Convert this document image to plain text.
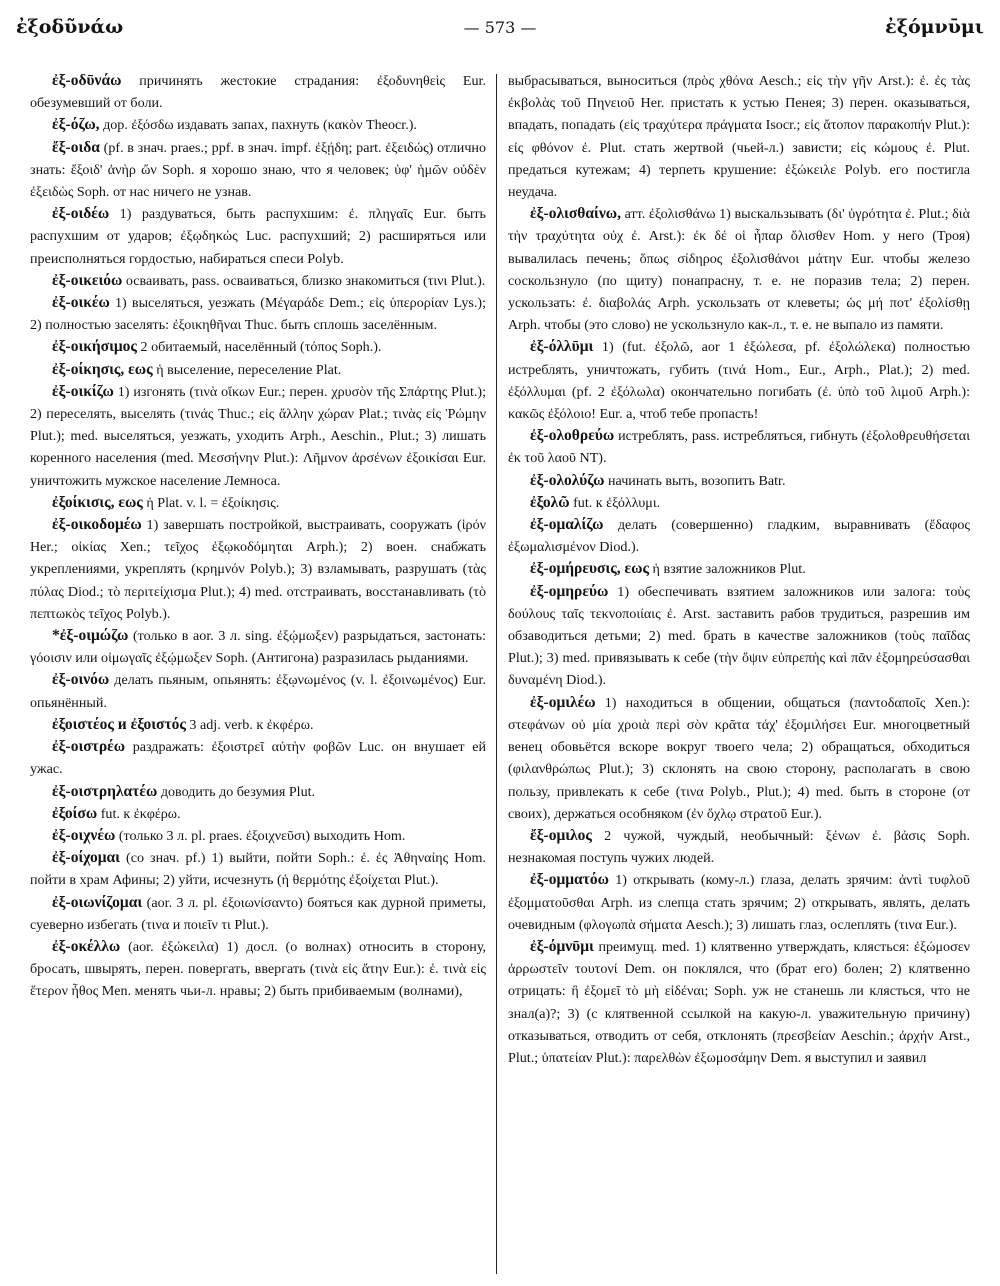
ἐξοδῦνάω	— 573 —	ἐξόμνῡμι

ἐξ-οδῡνάω причинять жестокие страдания: ἐξοδυνηθεὶς Eur. обезумевший от боли.

ἐξ-όζω, дор. ἐξόσδω издавать запах, пахнуть (κακὸν Theocr.).

ἔξ-οιδα (pf. в знач. praes.; ppf. в знач. impf. ἐξῄδη; part. ἐξειδώς) отлично знать: ἔξοιδ' ἀνὴρ ὤν Soph. я хорошо знаю, что я человек; ὑφ' ἡμῶν οὐδὲν ἐξειδὼς Soph. от нас ничего не узнав.

ἐξ-οιδέω 1) раздуваться, быть распухшим: ἐ. πληγαῖς Eur. быть распухшим от ударов; ἐξῳδηκώς Luc. распухший; 2) расширяться или преисполняться гордостью, набираться спеси Polyb.

ἐξ-οικειόω осваивать, pass. осваиваться, близко знакомиться (τινι Plut.).

ἐξ-οικέω 1) выселяться, уезжать (Μέγαράδε Dem.; εἰς ὑπερορίαν Lys.); 2) полностью заселять: ἐξοικηθῆναι Thuc. быть сплошь заселённым.

ἐξ-οικήσιμος 2 обитаемый, населённый (τόπος Soph.).

ἐξ-οίκησις, εως ἡ выселение, переселение Plat.

ἐξ-οικίζω 1) изгонять (τινὰ οἴκων Eur.; перен. χρυσὸν τῆς Σπάρτης Plut.); 2) переселять, выселять (τινάς Thuc.; εἰς ἄλλην χώραν Plat.; τινὰς εἰς Ῥώμην Plut.); med. выселяться, уезжать, уходить Arph., Aeschin., Plut.; 3) лишать коренного населения (med. Μεσσήνην Plut.): Λῆμνον ἀρσένων ἐξοικίσαι Eur. уничтожить мужское население Лемноса.

ἐξοίκισις, εως ἡ Plat. v. l. = ἐξοίκησις.

ἐξ-οικοδομέω 1) завершать постройкой, выстраивать, сооружать (ἱρόν Her.; οἰκίας Xen.; τεῖχος ἐξῳκοδόμηται Arph.); 2) воен. снабжать укреплениями, укреплять (κρημνόν Polyb.); 3) взламывать, разрушать (τὰς πύλας Diod.; τὸ περιτείχισμα Plut.); 4) med. отстраивать, восстанавливать (τὸ πεπτωκὸς τεῖχος Polyb.).

*ἐξ-οιμώζω (только в aor. 3 л. sing. ἐξῴμωξεν) разрыдаться, застонать: γόοισιν или οἰμωγαῖς ἐξῴμωξεν Soph. (Антигона) разразилась рыданиями.

ἐξ-οινόω делать пьяным, опьянять: ἐξῳνωμένος (v. l. ἐξοινωμένος) Eur. опьянённый.

ἐξοιστέος и ἐξοιστός 3 adj. verb. к ἐκφέρω.

ἐξ-οιστρέω раздражать: ἐξοιστρεῖ αὐτὴν φοβῶν Luc. он внушает ей ужас.

ἐξ-οιστρηλατέω доводить до безумия Plut.

ἐξοίσω fut. к ἐκφέρω.

ἐξ-οιχνέω (только 3 л. pl. praes. ἐξοιχνεῦσι) выходить Hom.

ἐξ-οίχομαι (со знач. pf.) 1) выйти, пойти Soph.: ἐ. ἐς Ἀθηναίης Hom. пойти в храм Афины; 2) уйти, исчезнуть (ἡ θερμότης ἐξοίχεται Plut.).

ἐξ-οιωνίζομαι (aor. 3 л. pl. ἐξοιωνίσαντο) бояться как дурной приметы, суеверно избегать (τινα и ποιεῖν τι Plut.).

ἐξ-οκέλλω (aor. ἐξώκειλα) 1) досл. (о волнах) относить в сторону, бросать, швырять, перен. повергать, ввергать (τινὰ εἰς ἄτην Eur.): ἐ. τινὰ εἰς ἕτερον ἦθος Men. менять чьи-л. нравы; 2) быть прибиваемым (волнами),

выбрасываться, выноситься (πρὸς χθόνα Aesch.; εἰς τὴν γῆν Arst.): ἐ. ἐς τὰς ἐκβολὰς τοῦ Πηνειοῦ Her. пристать к устью Пенея; 3) перен. оказываться, впадать, попадать (εἰς τραχύτερα πράγματα Isocr.; εἰς ἄτοπον παρακοπήν Plut.): εἰς φθόνον ἐ. Plut. стать жертвой (чьей-л.) зависти; εἰς κώμους ἐ. Plut. предаться кутежам; 4) терпеть крушение: ἐξώκειλε Polyb. его постигла неудача.

ἐξ-ολισθαίνω, атт. ἐξολισθάνω 1) выскальзывать (δι' ὑγρότητα ἐ. Plut.; διὰ τὴν τραχύτητα οὐχ ἐ. Arst.): ἐκ δέ οἱ ἧπαρ ὄλισθεν Hom. у него (Троя) вывалилась печень; ὅπως σίδηρος ἐξολισθάνοι μάτην Eur. чтобы железо соскользнуло (по щиту) понапрасну, т. е. не поразив тела; 2) перен. ускользать: ἐ. διαβολάς Arph. ускользать от клеветы; ὡς μή ποτ' ἐξολίσθῃ Arph. чтобы (это слово) не ускользнуло как-л., т. е. не выпало из памяти.

ἐξ-όλλῡμι 1) (fut. ἐξολῶ, aor 1 ἐξώλεσα, pf. ἐξολώλεκα) полностью истреблять, уничтожать, губить (τινά Hom., Eur., Arph., Plat.); 2) med. ἐξόλλυμαι (pf. 2 ἐξόλωλα) окончательно погибать (ἐ. ὑπὸ τοῦ λιμοῦ Arph.): κακῶς ἐξόλοιο! Eur. а, чтоб тебе пропасть!

ἐξ-ολοθρεύω истреблять, pass. истребляться, гибнуть (ἐξολοθρευθήσεται ἐκ τοῦ λαοῦ NT).

ἐξ-ολολύζω начинать выть, возопить Batr.

ἐξολῶ fut. к ἐξόλλυμι.

ἐξ-ομαλίζω делать (совершенно) гладким, выравнивать (ἔδαφος ἐξωμαλισμένον Diod.).

ἐξ-ομήρευσις, εως ἡ взятие заложников Plut.

ἐξ-ομηρεύω 1) обеспечивать взятием заложников или залога: τοὺς δούλους ταῖς τεκνοποιίαις ἐ. Arst. заставить рабов трудиться, разрешив им обзаводиться детьми; 2) med. брать в качестве заложников (τοὺς παῖδας Plut.); 3) med. привязывать к себе (τὴν ὄψιν εὐπρεπὴς καὶ πᾶν ἐξομηρεύσασθαι δυναμένη Diod.).

ἐξ-ομιλέω 1) находиться в общении, общаться (παντοδαποῖς Xen.): στεφάνων οὐ μία χροιὰ περὶ σὸν κρᾶτα τάχ' ἐξομιλήσει Eur. многоцветный венец обовьётся вскоре вокруг твоего чела; 2) обращаться, обходиться (φιλανθρώπως Plut.); 3) склонять на свою сторону, располагать в свою пользу, привлекать к себе (τινα Polyb., Plut.); 4) med. быть в стороне (от своих), держаться особняком (ἐν ὄχλῳ στρατοῦ Eur.).

ἔξ-ομιλος 2 чужой, чуждый, необычный: ξένων ἐ. βάσις Soph. незнакомая поступь чужих людей.

ἐξ-ομματόω 1) открывать (кому-л.) глаза, делать зрячим: ἀντὶ τυφλοῦ ἐξομματοῦσθαι Arph. из слепца стать зрячим; 2) открывать, являть, делать очевидным (φλογωπὰ σήματα Aesch.); 3) лишать глаз, ослеплять (τινα Eur.).

ἐξ-όμνῡμι преимущ. med. 1) клятвенно утверждать, клясться: ἐξώμοσεν ἀρρωστεῖν τουτονί Dem. он поклялся, что (брат его) болен; 2) клятвенно отрицать: ἢ ἐξομεῖ τὸ μὴ εἰδέναι; Soph. уж не станешь ли клясться, что не знал(а)?; 3) (с клятвенной ссылкой на какую-л. уважительную причину) отказываться, отводить от себя, отклонять (πρεσβείαν Aeschin.; ἀρχήν Arst., Plut.; ὑπατείαν Plut.): παρελθὼν ἐξωμοσάμην Dem. я выступил и заявил
